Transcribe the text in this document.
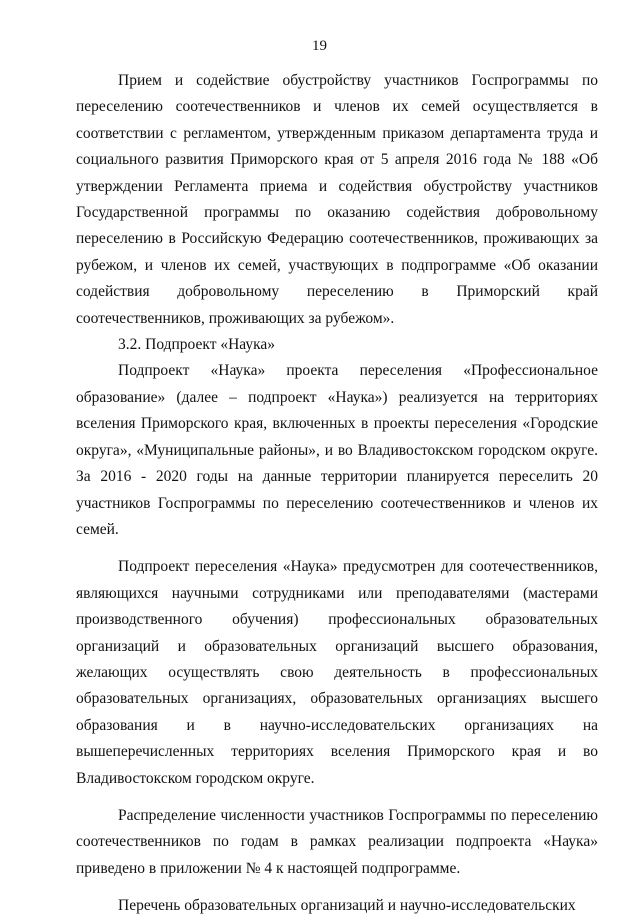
19

Прием и содействие обустройству участников Госпрограммы по переселению соотечественников и членов их семей осуществляется в соответствии с регламентом, утвержденным приказом департамента труда и социального развития Приморского края от 5 апреля 2016 года № 188 «Об утверждении Регламента приема и содействия обустройству участников Государственной программы по оказанию содействия добровольному переселению в Российскую Федерацию соотечественников, проживающих за рубежом, и членов их семей, участвующих в подпрограмме «Об оказании содействия добровольному переселению в Приморский край соотечественников, проживающих за рубежом».

3.2. Подпроект «Наука»

Подпроект «Наука» проекта переселения «Профессиональное образование» (далее – подпроект «Наука») реализуется на территориях вселения Приморского края, включенных в проекты переселения «Городские округа», «Муниципальные районы», и во Владивостокском городском округе. За 2016 - 2020 годы на данные территории планируется переселить 20 участников Госпрограммы по переселению соотечественников и членов их семей.

Подпроект переселения «Наука» предусмотрен для соотечественников, являющихся научными сотрудниками или преподавателями (мастерами производственного обучения) профессиональных образовательных организаций и образовательных организаций высшего образования, желающих осуществлять свою деятельность в профессиональных образовательных организациях, образовательных организациях высшего образования и в научно-исследовательских организациях на вышеперечисленных территориях вселения Приморского края и во Владивостокском городском округе.

Распределение численности участников Госпрограммы по переселению соотечественников по годам в рамках реализации подпроекта «Наука» приведено в приложении № 4 к настоящей подпрограмме.

Перечень образовательных организаций и научно-исследовательских
